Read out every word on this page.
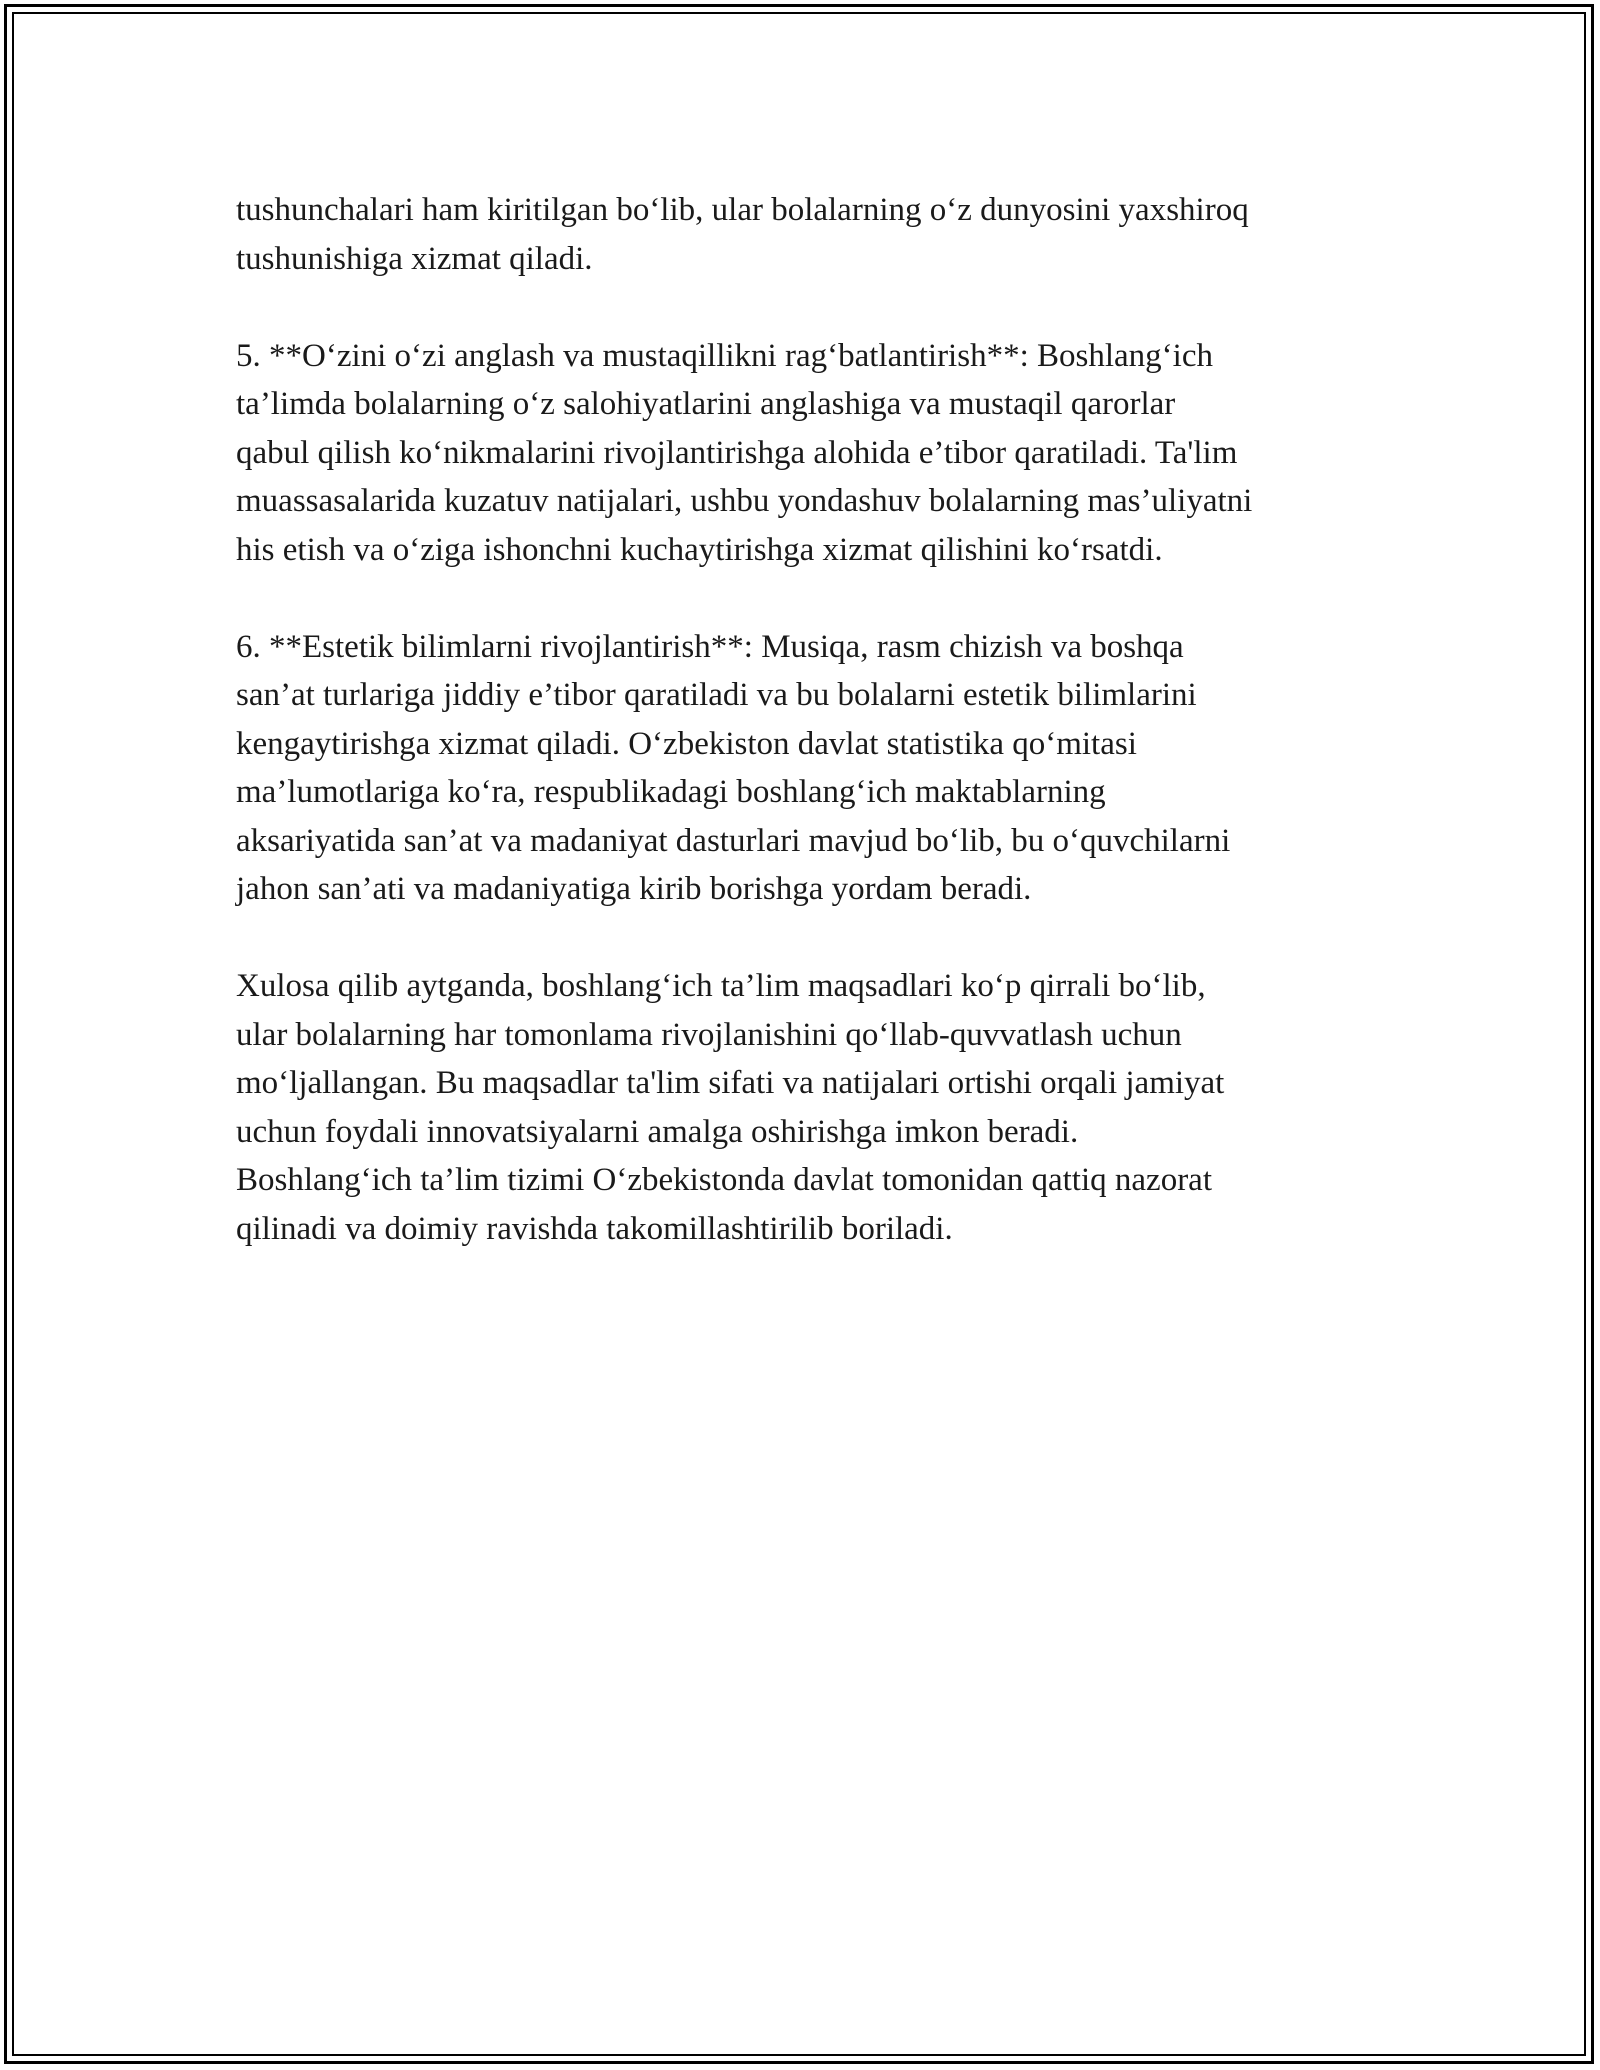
tushunchalari ham kiritilgan bo‘lib, ular bolalarning o‘z dunyosini yaxshiroq
tushunishiga xizmat qiladi.

5. **O‘zini o‘zi anglash va mustaqillikni rag‘batlantirish**: Boshlang‘ich
ta’limda bolalarning o‘z salohiyatlarini anglashiga va mustaqil qarorlar
qabul qilish ko‘nikmalarini rivojlantirishga alohida e’tibor qaratiladi. Ta'lim
muassasalarida kuzatuv natijalari, ushbu yondashuv bolalarning mas’uliyatni
his etish va o‘ziga ishonchni kuchaytirishga xizmat qilishini ko‘rsatdi.

6. **Estetik bilimlarni rivojlantirish**: Musiqa, rasm chizish va boshqa
san’at turlariga jiddiy e’tibor qaratiladi va bu bolalarni estetik bilimlarini
kengaytirishga xizmat qiladi. O‘zbekiston davlat statistika qo‘mitasi
ma’lumotlariga ko‘ra, respublikadagi boshlang‘ich maktablarning
aksariyatida san’at va madaniyat dasturlari mavjud bo‘lib, bu o‘quvchilarni
jahon san’ati va madaniyatiga kirib borishga yordam beradi.

Xulosa qilib aytganda, boshlang‘ich ta’lim maqsadlari ko‘p qirrali bo‘lib,
ular bolalarning har tomonlama rivojlanishini qo‘llab-quvvatlash uchun
mo‘ljallangan. Bu maqsadlar ta'lim sifati va natijalari ortishi orqali jamiyat
uchun foydali innovatsiyalarni amalga oshirishga imkon beradi.
Boshlang‘ich ta’lim tizimi O‘zbekistonda davlat tomonidan qattiq nazorat
qilinadi va doimiy ravishda takomillashtirilib boriladi.
